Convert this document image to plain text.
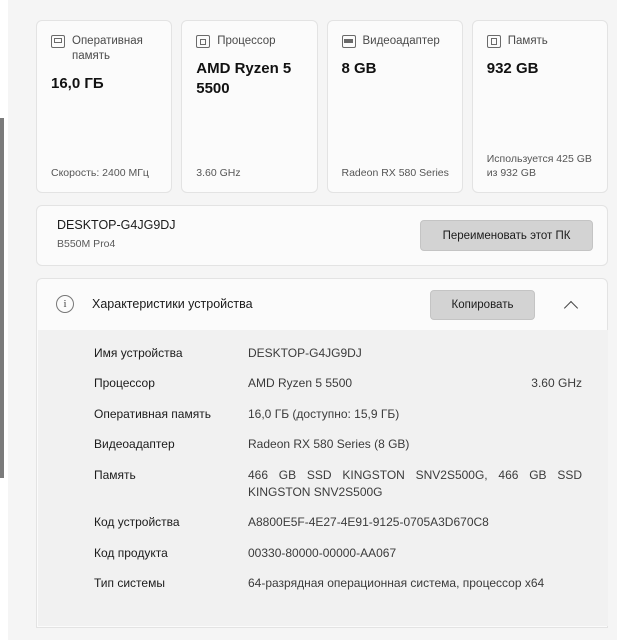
Оперативная память
16,0 ГБ
Скорость: 2400 МГц
Процессор
AMD Ryzen 5 5500
3.60 GHz
Видеоадаптер
8 GB
Radeon RX 580 Series
Память
932 GB
Используется 425 GB из 932 GB
DESKTOP-G4JG9DJ
B550M Pro4
Переименовать этот ПК
i	Характеристики устройства	Копировать
Имя устройства	DESKTOP-G4JG9DJ
Процессор	AMD Ryzen 5 5500	3.60 GHz
Оперативная память	16,0 ГБ (доступно: 15,9 ГБ)
Видеоадаптер	Radeon RX 580 Series (8 GB)
Память	466 GB SSD KINGSTON SNV2S500G, 466 GB SSD KINGSTON SNV2S500G
Код устройства	A8800E5F-4E27-4E91-9125-0705A3D670C8
Код продукта	00330-80000-00000-AA067
Тип системы	64-разрядная операционная система, процессор x64
